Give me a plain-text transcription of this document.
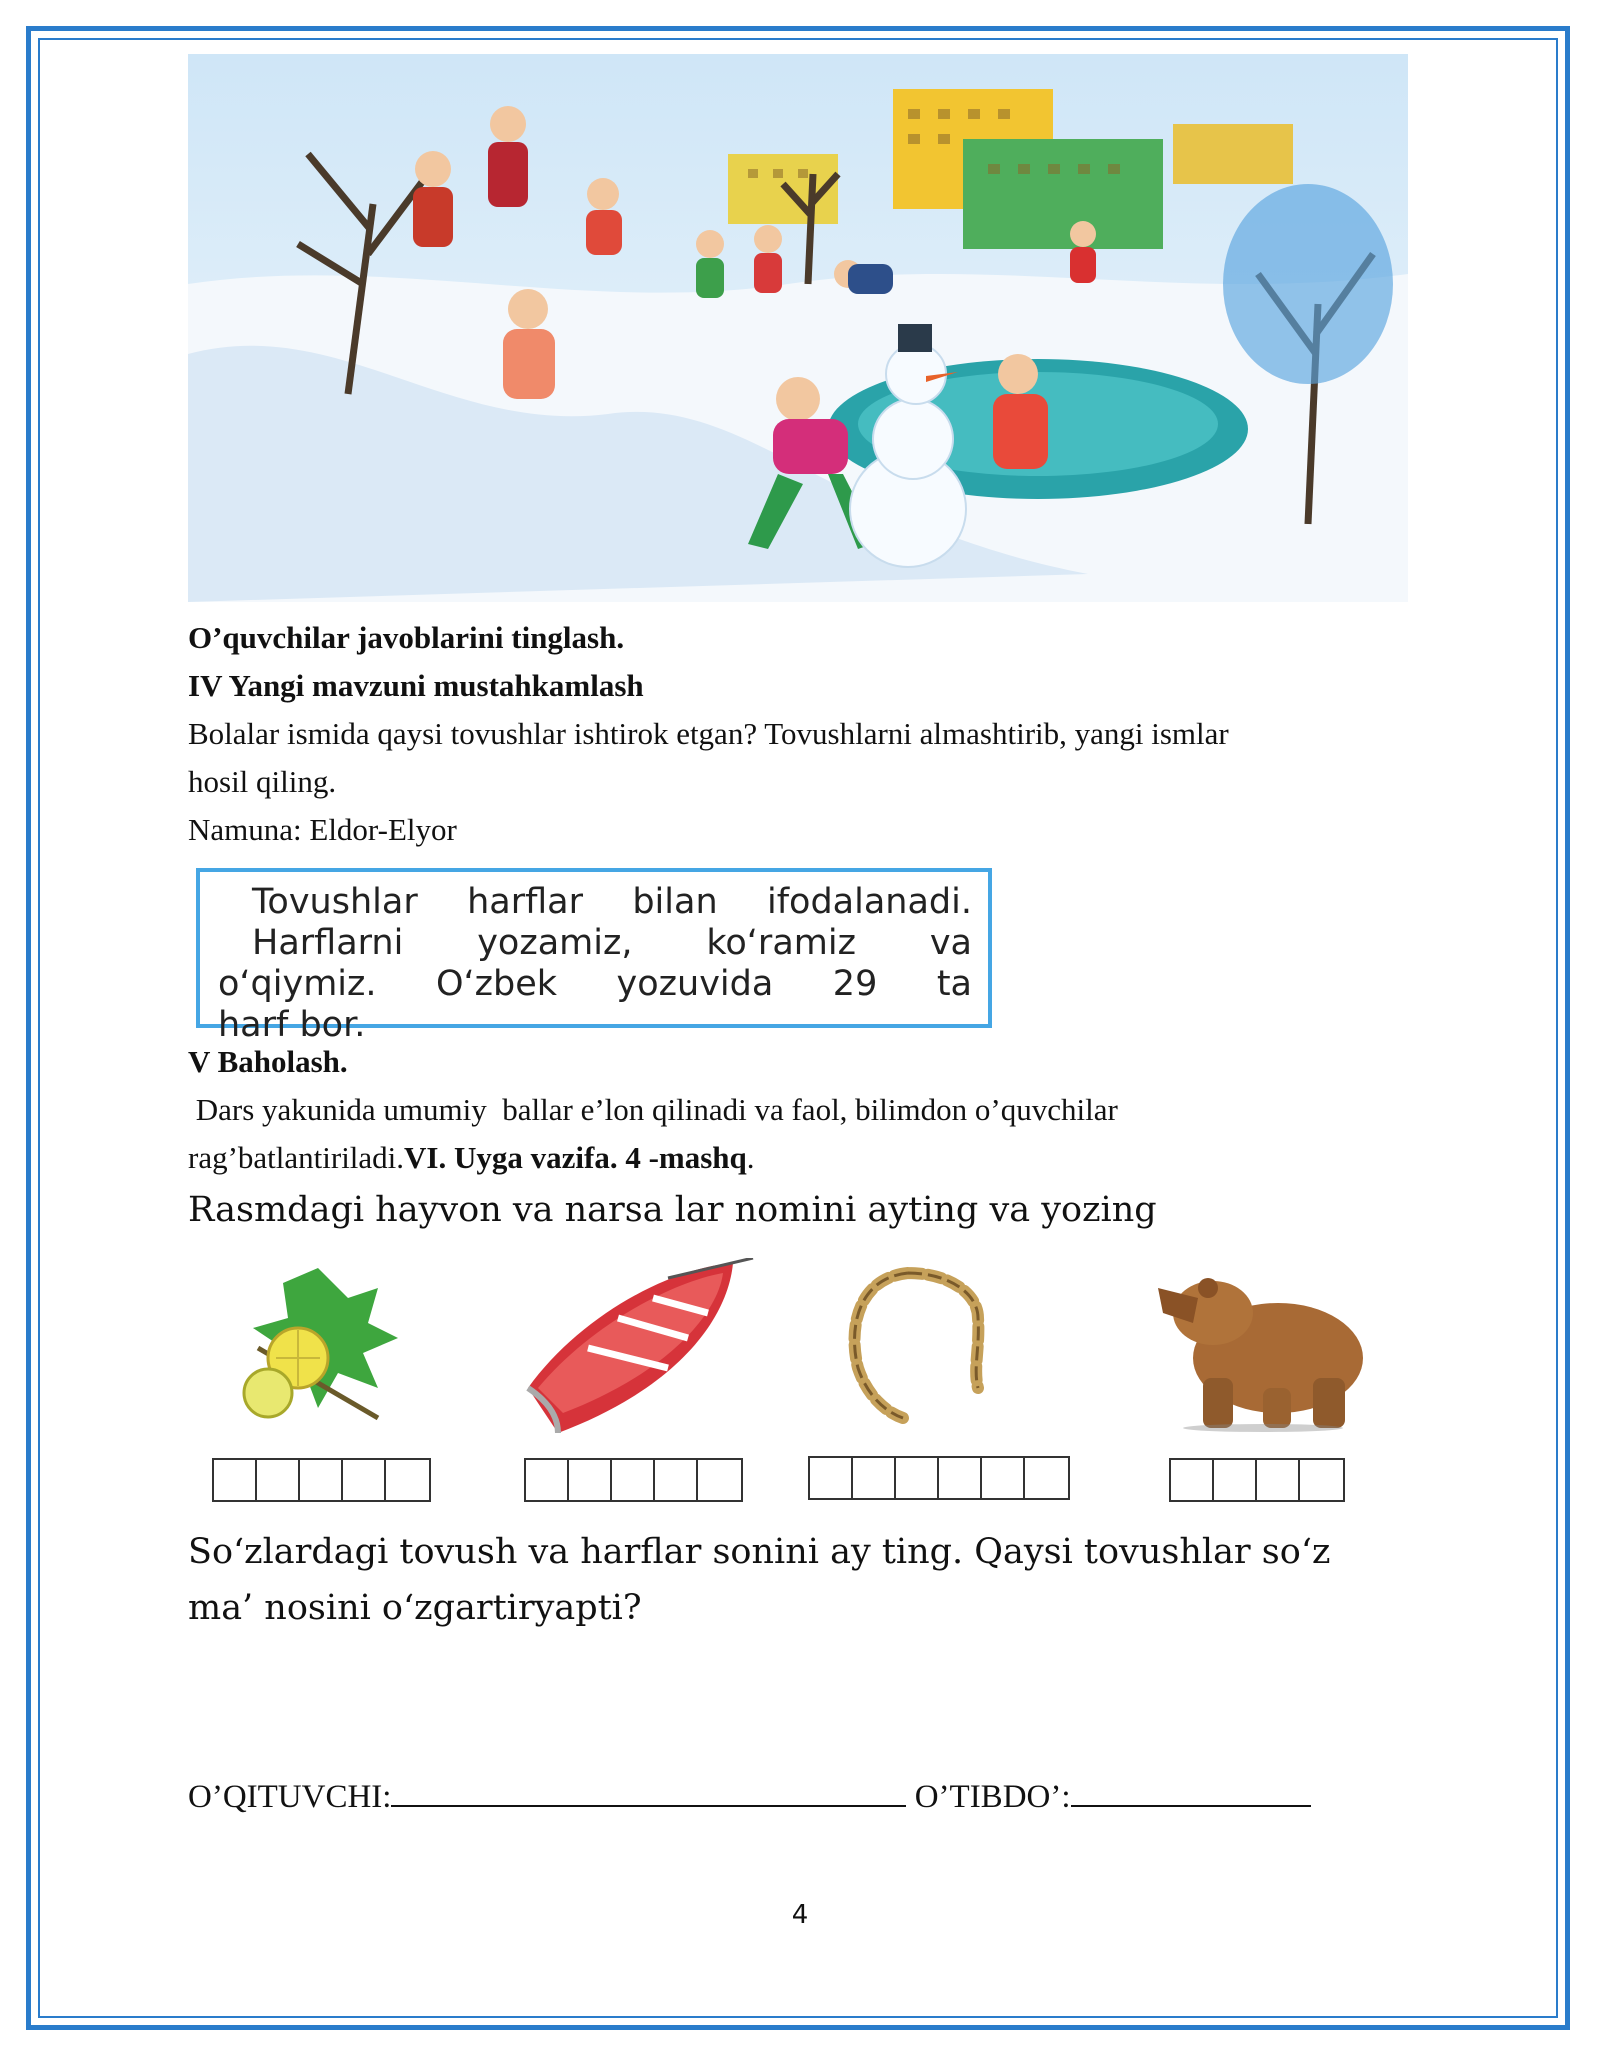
O’quvchilar javoblarini tinglash.

IV Yangi mavzuni mustahkamlash

Bolalar ismida qaysi tovushlar ishtirok etgan? Tovushlarni almashtirib, yangi ismlar

hosil qiling.

Namuna: Eldor-Elyor

Tovushlar harflar bilan ifodalanadi.

Harflarni yozamiz, ko‘ramiz va

o‘qiymiz. O‘zbek yozuvida 29 ta

harf bor.

V Baholash.

Dars yakunida umumiy  ballar e’lon qilinadi va faol, bilimdon o’quvchilar

rag’batlantiriladi.VI. Uyga vazifa. 4 -mashq.

Rasmdagi hayvon va narsa lar nomini ayting va yozing

So‘zlardagi tovush va harflar sonini ay ting. Qaysi tovushlar so‘z

ma’ nosini o‘zgartiryapti?

O’QITUVCHI:	O’TIBDO’:
4
